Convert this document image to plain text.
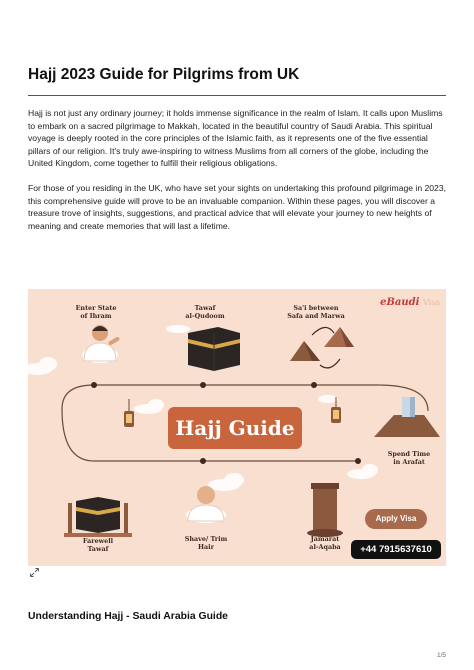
Hajj 2023 Guide for Pilgrims from UK

Hajj is not just any ordinary journey; it holds immense significance in the realm of Islam. It calls upon Muslims to embark on a sacred pilgrimage to Makkah, located in the beautiful country of Saudi Arabia. This spiritual voyage is deeply rooted in the core principles of the Islamic faith, as it represents one of the five essential pillars of our religion. It's truly awe-inspiring to witness Muslims from all corners of the globe, including the United Kingdom, come together to fulfill their religious obligations.

For those of you residing in the UK, who have set your sights on undertaking this profound pilgrimage in 2023, this comprehensive guide will prove to be an invaluable companion. Within these pages, you will discover a treasure trove of insights, suggestions, and practical advice that will elevate your journey to new heights of meaning and create memories that will last a lifetime.

Enter State
of Ihram
Tawaf
al-Qudoom
Sa'i between
Safa and Marwa
Spend Time
in Arafat
Jamarat
al-Aqaba
Shave/ Trim
Hair
Farewell
Tawaf
Hajj Guide
eBaudi Visa
Apply Visa
+44 7915637610
Understanding Hajj - Saudi Arabia Guide
1/5
